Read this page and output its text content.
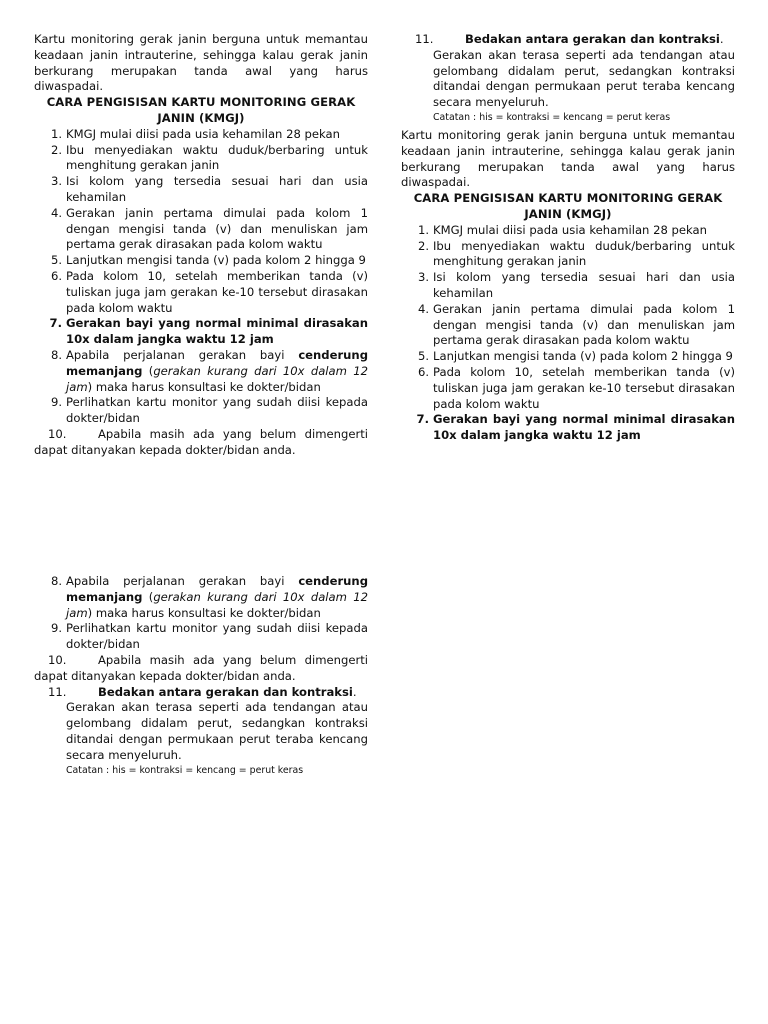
Kartu monitoring gerak janin berguna untuk memantau keadaan janin intrauterine, sehingga kalau gerak janin berkurang merupakan tanda awal yang harus diwaspadai.

CARA PENGISISAN KARTU MONITORING GERAK JANIN (KMGJ)

1. KMGJ mulai diisi pada usia kehamilan 28 pekan
2. Ibu menyediakan waktu duduk/berbaring untuk menghitung gerakan janin
3. Isi kolom yang tersedia sesuai hari dan usia kehamilan
4. Gerakan janin pertama dimulai pada kolom 1 dengan mengisi tanda (v) dan menuliskan jam pertama gerak dirasakan pada kolom waktu
5. Lanjutkan mengisi tanda (v) pada kolom 2 hingga 9
6. Pada kolom 10, setelah memberikan tanda (v) tuliskan juga jam gerakan ke-10 tersebut dirasakan pada kolom waktu
7. Gerakan bayi yang normal minimal dirasakan 10x dalam jangka waktu 12 jam
8. Apabila perjalanan gerakan bayi cenderung memanjang (gerakan kurang dari 10x dalam 12 jam) maka harus konsultasi ke dokter/bidan
9. Perlihatkan kartu monitor yang sudah diisi kepada dokter/bidan
10.	Apabila masih ada yang belum dimengerti dapat ditanyakan kepada dokter/bidan anda.
8. Apabila perjalanan gerakan bayi cenderung memanjang (gerakan kurang dari 10x dalam 12 jam) maka harus konsultasi ke dokter/bidan
9. Perlihatkan kartu monitor yang sudah diisi kepada dokter/bidan
10.	Apabila masih ada yang belum dimengerti dapat ditanyakan kepada dokter/bidan anda.
11.	Bedakan antara gerakan dan kontraksi.
Gerakan akan terasa seperti ada tendangan atau gelombang didalam perut, sedangkan kontraksi ditandai dengan permukaan perut teraba kencang secara menyeluruh.
Catatan : his = kontraksi = kencang = perut keras
11.	Bedakan antara gerakan dan kontraksi.
Gerakan akan terasa seperti ada tendangan atau gelombang didalam perut, sedangkan kontraksi ditandai dengan permukaan perut teraba kencang secara menyeluruh.
Catatan : his = kontraksi = kencang = perut keras

Kartu monitoring gerak janin berguna untuk memantau keadaan janin intrauterine, sehingga kalau gerak janin berkurang merupakan tanda awal yang harus diwaspadai.

CARA PENGISISAN KARTU MONITORING GERAK JANIN (KMGJ)

1. KMGJ mulai diisi pada usia kehamilan 28 pekan
2. Ibu menyediakan waktu duduk/berbaring untuk menghitung gerakan janin
3. Isi kolom yang tersedia sesuai hari dan usia kehamilan
4. Gerakan janin pertama dimulai pada kolom 1 dengan mengisi tanda (v) dan menuliskan jam pertama gerak dirasakan pada kolom waktu
5. Lanjutkan mengisi tanda (v) pada kolom 2 hingga 9
6. Pada kolom 10, setelah memberikan tanda (v) tuliskan juga jam gerakan ke-10 tersebut dirasakan pada kolom waktu
7. Gerakan bayi yang normal minimal dirasakan 10x dalam jangka waktu 12 jam
